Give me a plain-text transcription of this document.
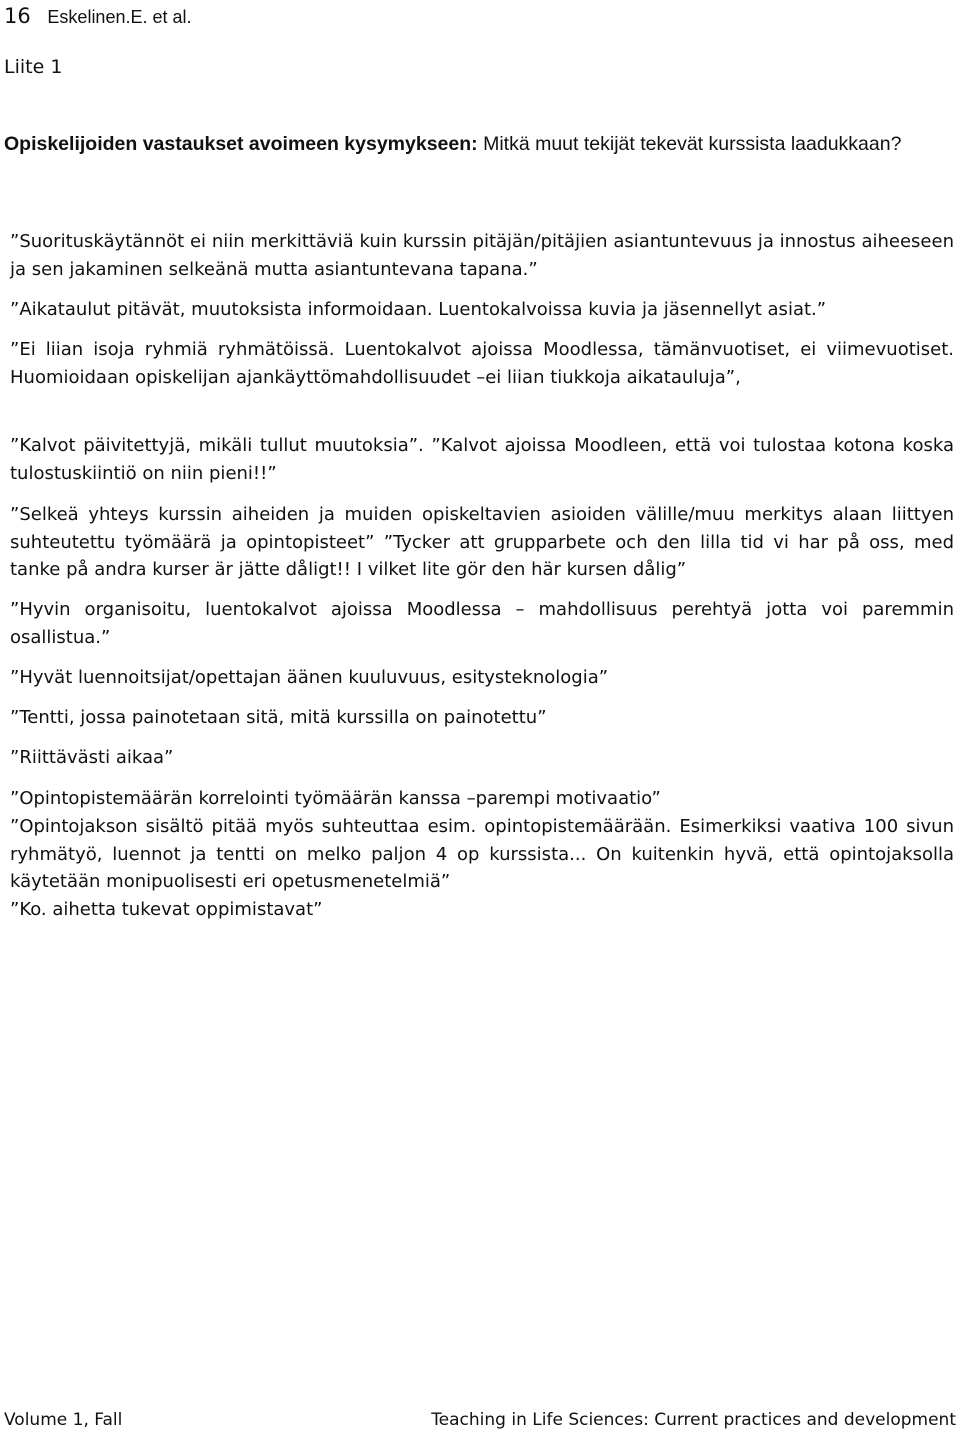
16 Eskelinen.E. et al.
Liite 1
Opiskelijoiden vastaukset avoimeen kysymykseen: Mitkä muut tekijät tekevät kurssista laadukkaan?
”Suorituskäytännöt ei niin merkittäviä kuin kurssin pitäjän/pitäjien asiantuntevuus ja innostus aiheeseen ja sen jakaminen selkeänä mutta asiantuntevana tapana.”
”Aikataulut pitävät, muutoksista informoidaan. Luentokalvoissa kuvia ja jäsennellyt asiat.”
”Ei liian isoja ryhmiä ryhmätöissä. Luentokalvot ajoissa Moodlessa, tämänvuotiset, ei viimevuotiset. Huomioidaan opiskelijan ajankäyttömahdollisuudet –ei liian tiukkoja aikatauluja”,
”Kalvot päivitettyjä, mikäli tullut muutoksia”. ”Kalvot ajoissa Moodleen, että voi tulostaa kotona koska tulostuskiintiö on niin pieni!!”
”Selkeä yhteys kurssin aiheiden ja muiden opiskeltavien asioiden välille/muu merkitys alaan liittyen suhteutettu työmäärä ja opintopisteet” ”Tycker att grupparbete och den lilla tid vi har på oss, med tanke på andra kurser är jätte dåligt!! I vilket lite gör den här kursen dålig”
”Hyvin organisoitu, luentokalvot ajoissa Moodlessa – mahdollisuus perehtyä jotta voi paremmin osallistua.”
”Hyvät luennoitsijat/opettajan äänen kuuluvuus, esitysteknologia”
”Tentti, jossa painotetaan sitä, mitä kurssilla on painotettu”
”Riittävästi aikaa”
”Opintopistemäärän korrelointi työmäärän kanssa –parempi motivaatio”
”Opintojakson sisältö pitää myös suhteuttaa esim. opintopistemäärään. Esimerkiksi vaativa 100 sivun ryhmätyö, luennot ja tentti on melko paljon 4 op kurssista... On kuitenkin hyvä, että opintojaksolla käytetään monipuolisesti eri opetusmenetelmiä”
”Ko. aihetta tukevat oppimistavat”
Volume 1, Fall	Teaching in Life Sciences: Current practices and development
